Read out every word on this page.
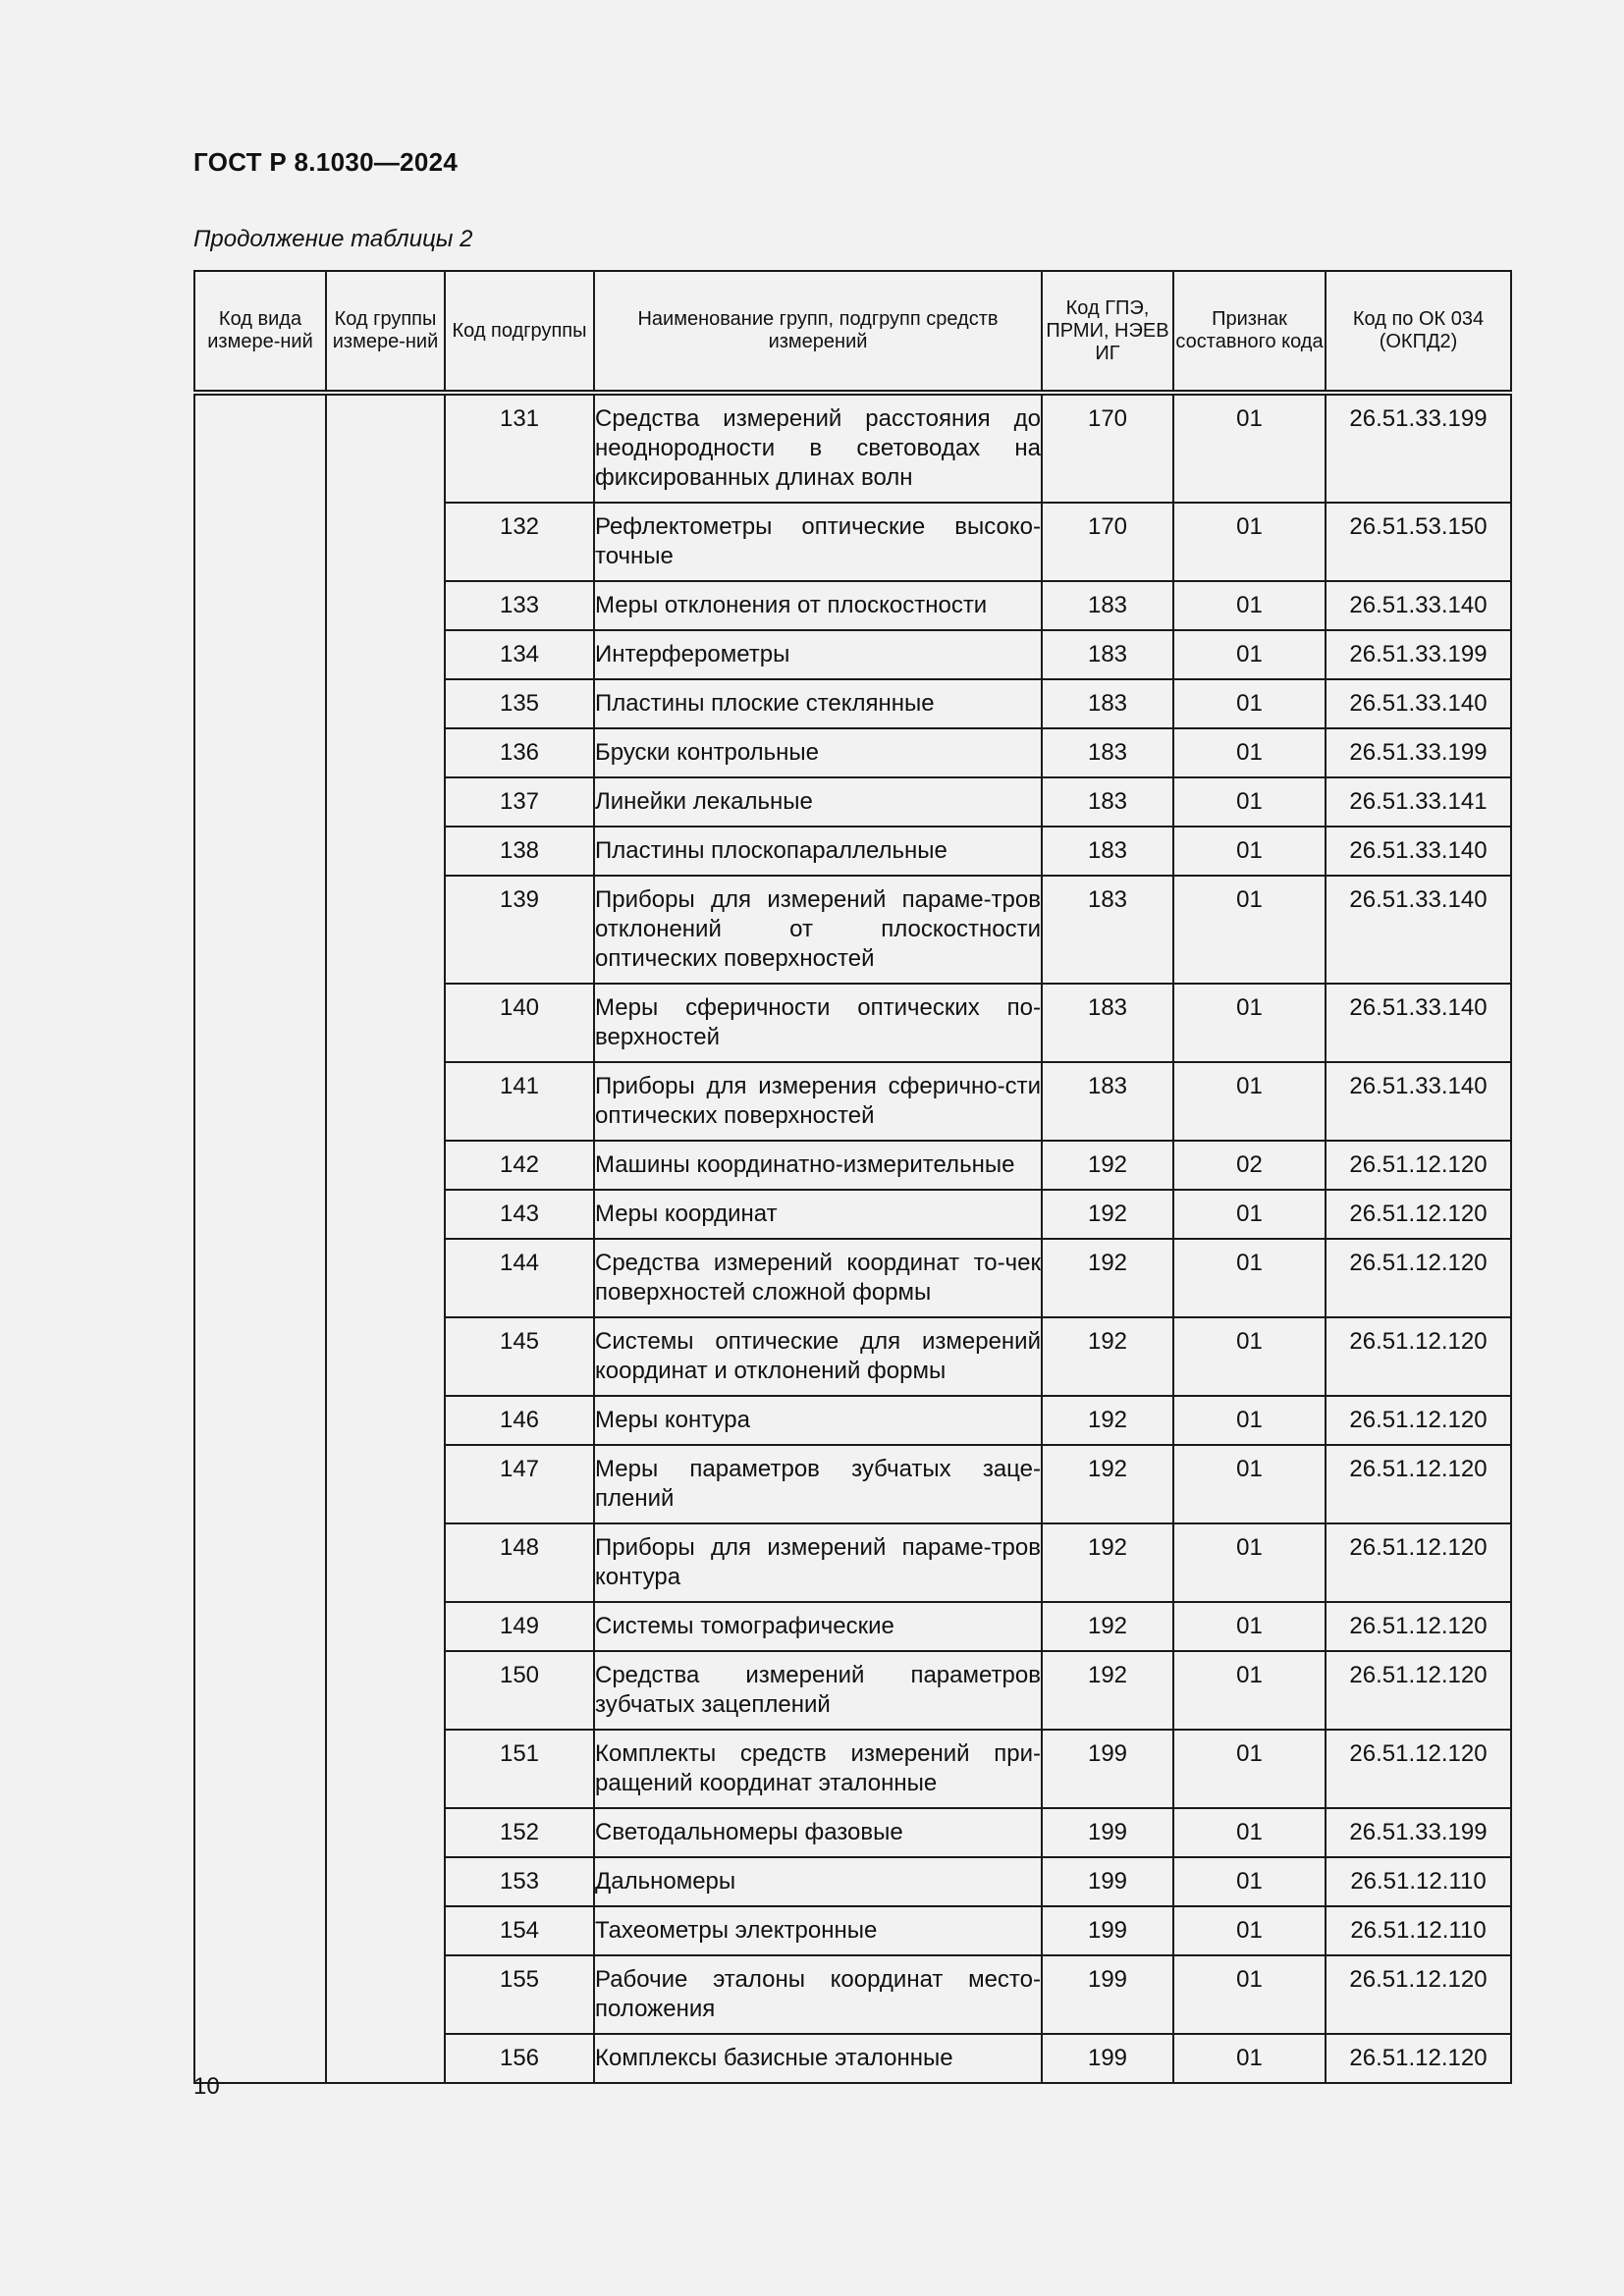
ГОСТ Р 8.1030—2024
Продолжение таблицы 2
Код вида измере-ний	Код группы измере-ний	Код подгруппы	Наименование групп, подгрупп средств измерений	Код ГПЭ, ПРМИ, НЭЕВ ИГ	Признак составного кода	Код по ОК 034 (ОКПД2)
		131	Средства измерений расстояния до неоднородности в световодах на фиксированных длинах волн	170	01	26.51.33.199
		132	Рефлектометры оптические высоко-точные	170	01	26.51.53.150
		133	Меры отклонения от плоскостности	183	01	26.51.33.140
		134	Интерферометры	183	01	26.51.33.199
		135	Пластины плоские стеклянные	183	01	26.51.33.140
		136	Бруски контрольные	183	01	26.51.33.199
		137	Линейки лекальные	183	01	26.51.33.141
		138	Пластины плоскопараллельные	183	01	26.51.33.140
		139	Приборы для измерений параме-тров отклонений от плоскостности оптических поверхностей	183	01	26.51.33.140
		140	Меры сферичности оптических по-верхностей	183	01	26.51.33.140
		141	Приборы для измерения сферично-сти оптических поверхностей	183	01	26.51.33.140
		142	Машины координатно-измерительные	192	02	26.51.12.120
		143	Меры координат	192	01	26.51.12.120
		144	Средства измерений координат то-чек поверхностей сложной формы	192	01	26.51.12.120
		145	Системы оптические для измерений координат и отклонений формы	192	01	26.51.12.120
		146	Меры контура	192	01	26.51.12.120
		147	Меры параметров зубчатых заце-плений	192	01	26.51.12.120
		148	Приборы для измерений параме-тров контура	192	01	26.51.12.120
		149	Системы томографические	192	01	26.51.12.120
		150	Средства измерений параметров зубчатых зацеплений	192	01	26.51.12.120
		151	Комплекты средств измерений при-ращений координат эталонные	199	01	26.51.12.120
		152	Светодальномеры фазовые	199	01	26.51.33.199
		153	Дальномеры	199	01	26.51.12.110
		154	Тахеометры электронные	199	01	26.51.12.110
		155	Рабочие эталоны координат место-положения	199	01	26.51.12.120
		156	Комплексы базисные эталонные	199	01	26.51.12.120
10
